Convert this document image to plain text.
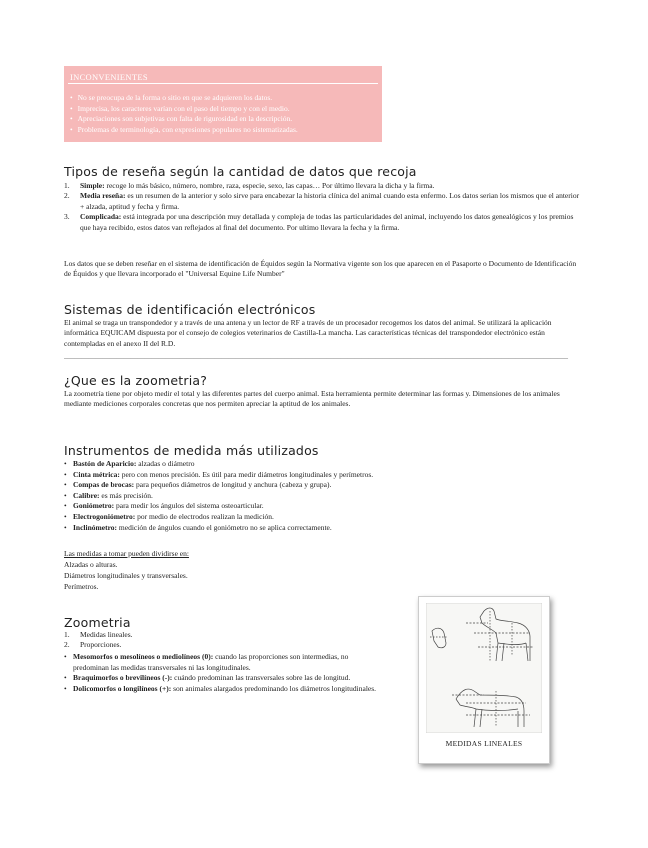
INCONVENIENTES
• No se preocupa de la forma o sitio en que se adquieren los datos.
• Imprecisa, los caracteres varían con el paso del tiempo y con el medio.
• Apreciaciones son subjetivas con falta de rigurosidad en la descripción.
• Problemas de terminología, con expresiones populares no sistematizadas.
Tipos de reseña según la cantidad de datos que recoja
1. Simple: recoge lo más básico, número, nombre, raza, especie, sexo, las capas… Por último llevara la dicha y la firma.
2. Media reseña: es un resumen de la anterior y solo sirve para encabezar la historia clínica del animal cuando esta enfermo. Los datos serian los mismos que el anterior + alzada, aptitud y fecha y firma.
3. Complicada: está integrada por una descripción muy detallada y compleja de todas las particularidades del animal, incluyendo los datos genealógicos y los premios que haya recibido, estos datos van reflejados al final del documento. Por ultimo llevara la fecha y la firma.

Los datos que se deben reseñar en el sistema de identificación de Équidos según la Normativa vigente son los que aparecen en el Pasaporte o Documento de Identificación de Équidos y que llevara incorporado el "Universal Equine Life Number"

Sistemas de identificación electrónicos

El animal se traga un transpondedor y a través de una antena y un lector de RF a través de un procesador recogemos los datos del animal. Se utilizará la aplicación informática EQUICAM dispuesta por el consejo de colegios veterinarios de Castilla-La mancha. Las características técnicas del transpondedor electrónico están contempladas en el anexo II del R.D.

________________________________________________________________________________________________________________________________________________
¿Que es la zoometria?

La zoometría tiene por objeto medir el total y las diferentes partes del cuerpo animal. Esta herramienta permite determinar las formas y. Dimensiones de los animales mediante mediciones corporales concretas que nos permiten apreciar la aptitud de los animales.

Instrumentos de medida más utilizados
• Bastón de Aparicio: alzadas o diámetro
• Cinta métrica: pero con menos precisión. Es útil para medir diámetros longitudinales y perímetros.
• Compas de brocas: para pequeños diámetros de longitud y anchura (cabeza y grupa).
• Calibre: es más precisión.
• Goniómetro: para medir los ángulos del sistema osteoarticular.
• Electrogoniómetro: por medio de electrodos realizan la medición.
• Inclinómetro: medición de ángulos cuando el goniómetro no se aplica correctamente.
Las medidas a tomar pueden dividirse en:
Alzadas o alturas.
Diámetros longitudinales y transversales.
Perímetros.
Zoometria
1. Medidas lineales.
2. Proporciones.
• Mesomorfos o mesolíneos o mediolíneos (0): cuando las proporciones son intermedias, no predominan las medidas transversales ni las longitudinales.
• Braquimorfos o brevilíneos (-): cuándo predominan las transversales sobre las de longitud.
• Dolicomorfos o longilíneos (+): son animales alargados predominando los diámetros longitudinales.
MEDIDAS LINEALES
